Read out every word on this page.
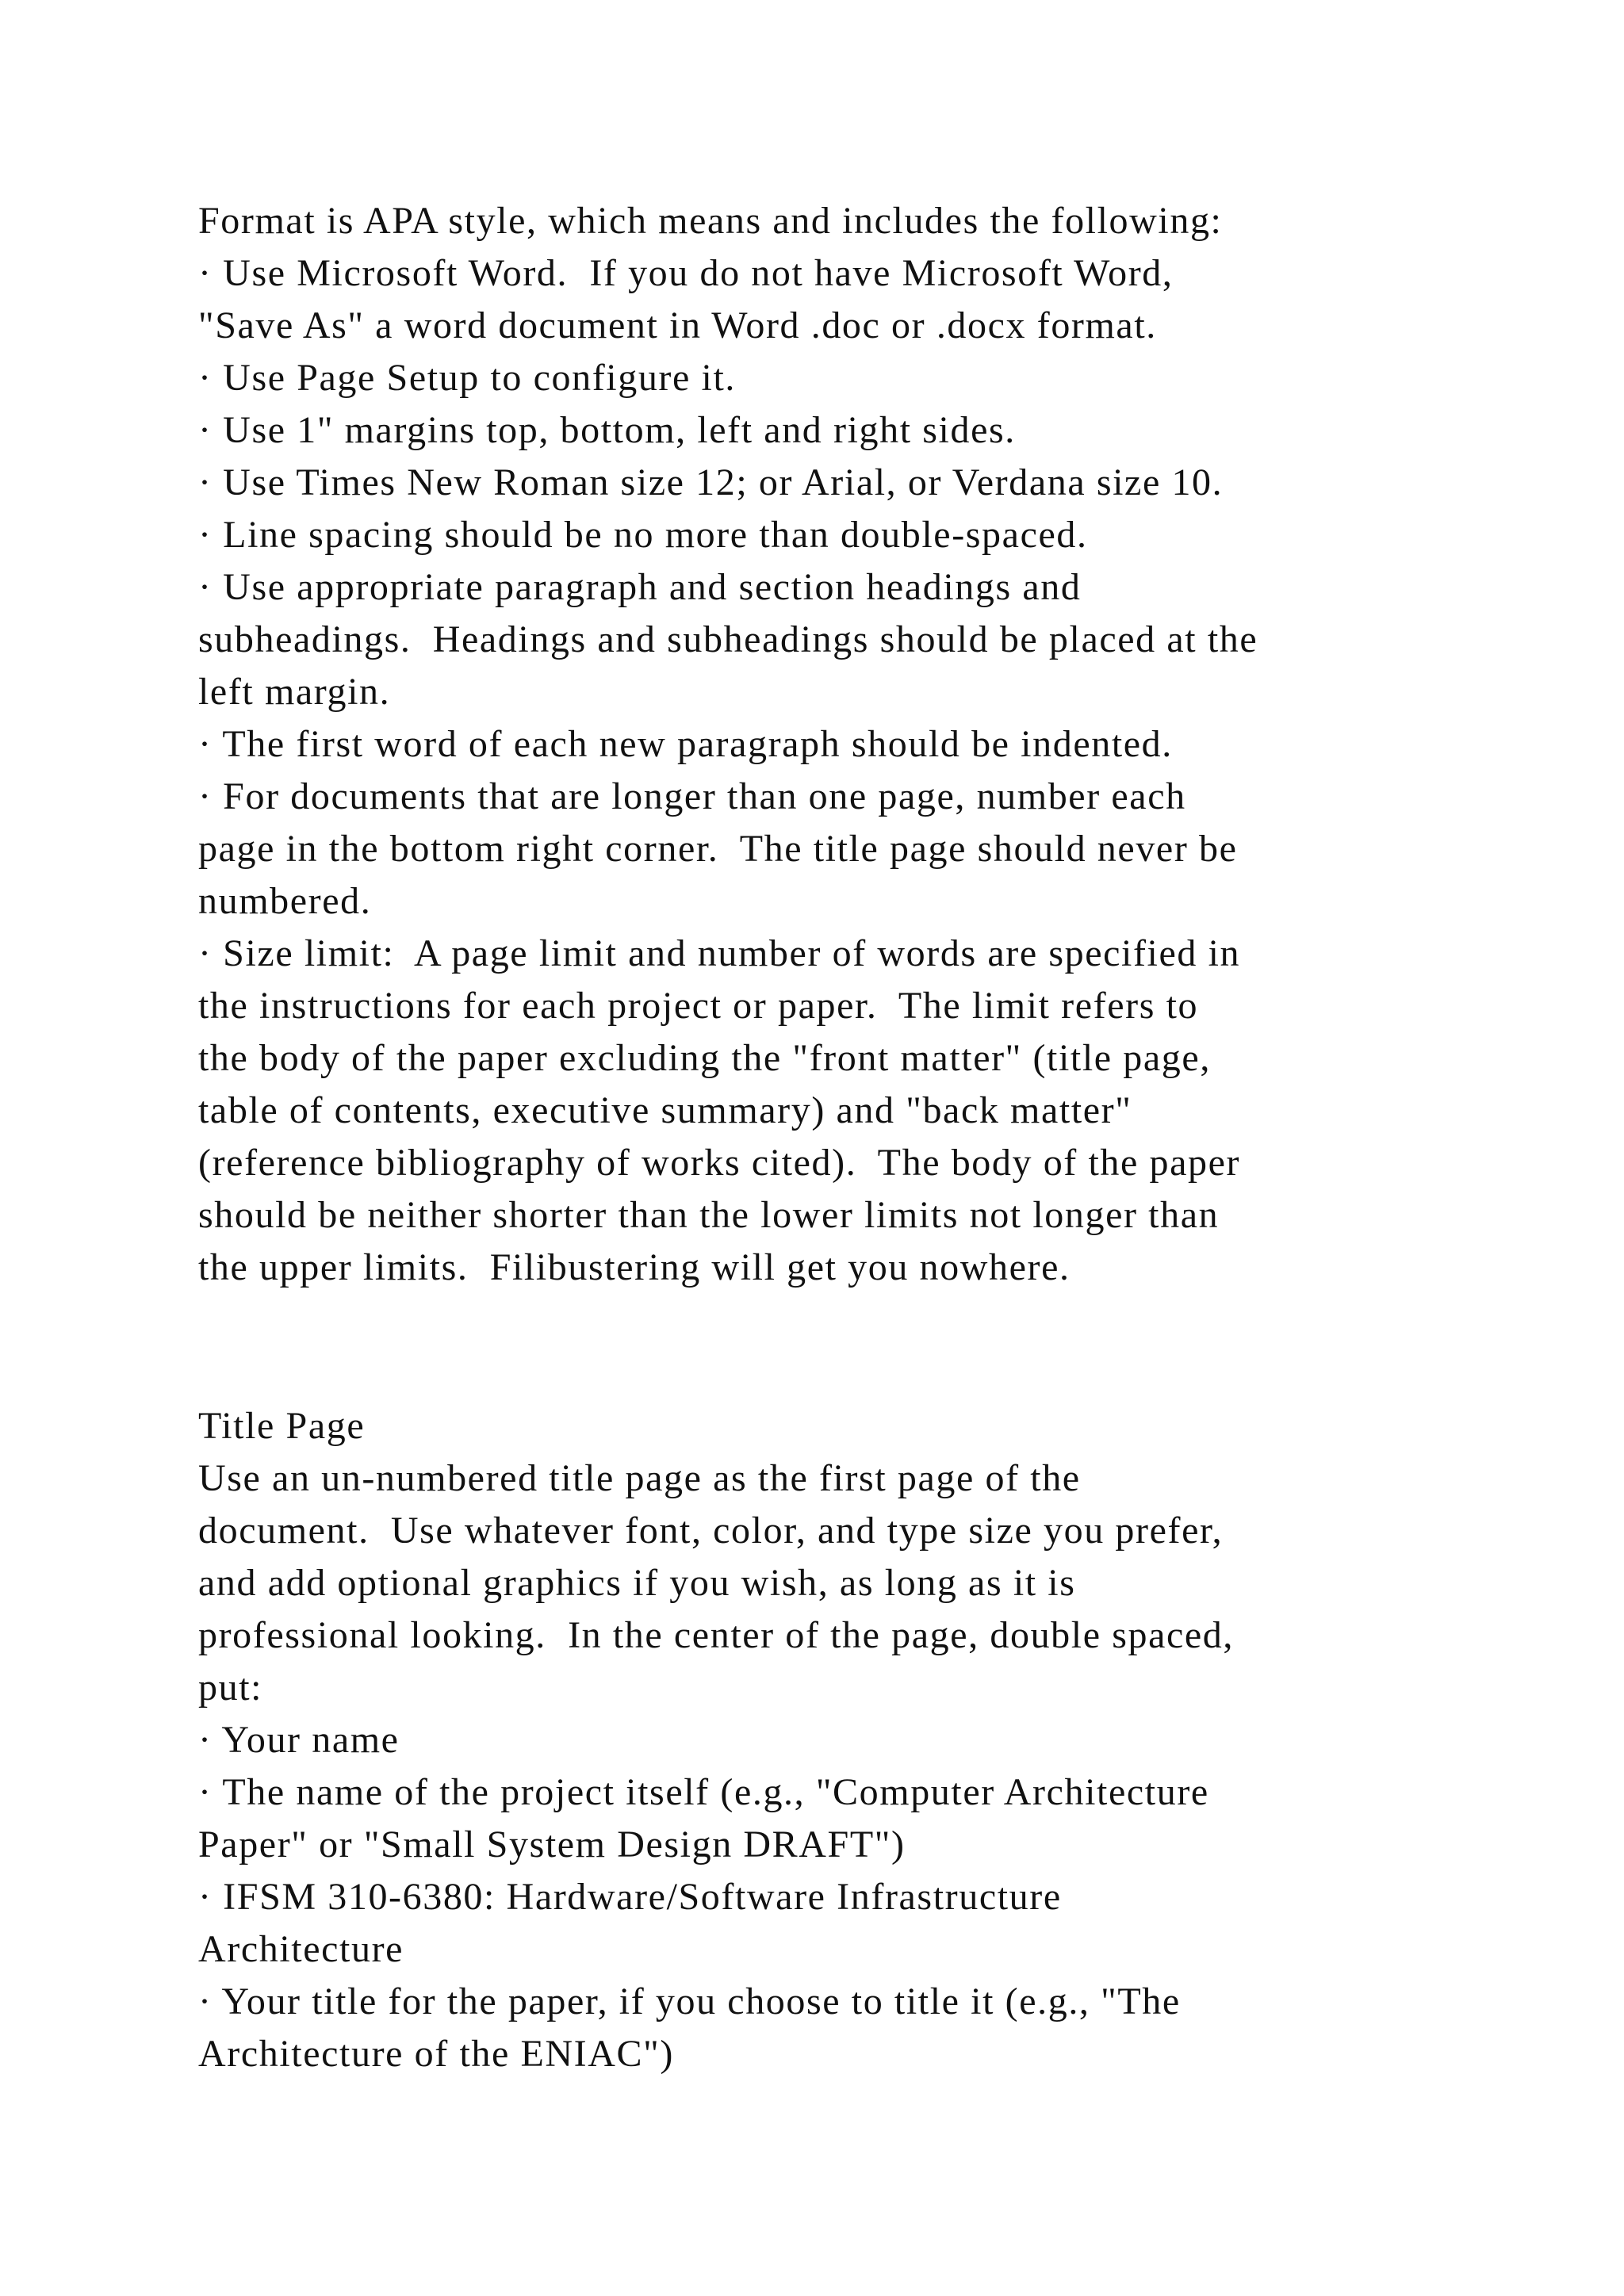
Format is APA style, which means and includes the following:
· Use Microsoft Word.  If you do not have Microsoft Word,
"Save As" a word document in Word .doc or .docx format.
· Use Page Setup to configure it.
· Use 1" margins top, bottom, left and right sides.
· Use Times New Roman size 12; or Arial, or Verdana size 10.
· Line spacing should be no more than double-spaced.
· Use appropriate paragraph and section headings and
subheadings.  Headings and subheadings should be placed at the
left margin.
· The first word of each new paragraph should be indented.
· For documents that are longer than one page, number each
page in the bottom right corner.  The title page should never be
numbered.
· Size limit:  A page limit and number of words are specified in
the instructions for each project or paper.  The limit refers to
the body of the paper excluding the "front matter" (title page,
table of contents, executive summary) and "back matter"
(reference bibliography of works cited).  The body of the paper
should be neither shorter than the lower limits not longer than
the upper limits.  Filibustering will get you nowhere.
Title Page
Use an un-numbered title page as the first page of the
document.  Use whatever font, color, and type size you prefer,
and add optional graphics if you wish, as long as it is
professional looking.  In the center of the page, double spaced,
put:
· Your name
· The name of the project itself (e.g., "Computer Architecture
Paper" or "Small System Design DRAFT")
· IFSM 310-6380: Hardware/Software Infrastructure
Architecture
· Your title for the paper, if you choose to title it (e.g., "The
Architecture of the ENIAC")
